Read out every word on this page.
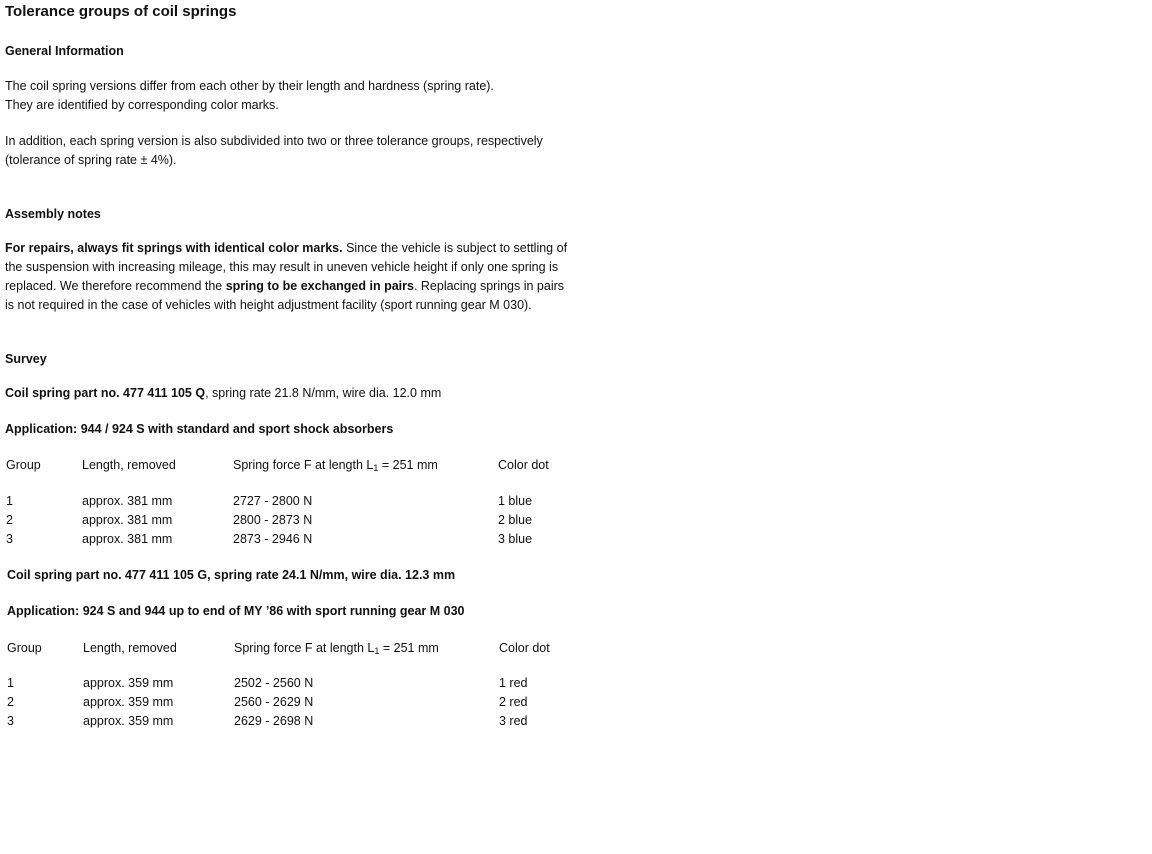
Tolerance groups of coil springs
General Information
The coil spring versions differ from each other by their length and hardness (spring rate).
They are identified by corresponding color marks.
In addition, each spring version is also subdivided into two or three tolerance groups, respectively
(tolerance of spring rate ± 4%).
Assembly notes
For repairs, always fit springs with identical color marks. Since the vehicle is subject to settling of
the suspension with increasing mileage, this may result in uneven vehicle height if only one spring is
replaced. We therefore recommend the spring to be exchanged in pairs. Replacing springs in pairs
is not required in the case of vehicles with height adjustment facility (sport running gear M 030).
Survey
Coil spring part no. 477 411 105 Q, spring rate 21.8 N/mm, wire dia. 12.0 mm
Application: 944 / 924 S with standard and sport shock absorbers
Group	Length, removed	Spring force F at length $L_1 = 251$ mm	Color dot
1	approx. 381 mm	2727 - 2800 N	1 blue
2	approx. 381 mm	2800 - 2873 N	2 blue
3	approx. 381 mm	2873 - 2946 N	3 blue
Coil spring part no. 477 411 105 G, spring rate 24.1 N/mm, wire dia. 12.3 mm
Application: 924 S and 944 up to end of MY ’86 with sport running gear M 030
Group	Length, removed	Spring force F at length $L_1 = 251$ mm	Color dot
1	approx. 359 mm	2502 - 2560 N	1 red
2	approx. 359 mm	2560 - 2629 N	2 red
3	approx. 359 mm	2629 - 2698 N	3 red
